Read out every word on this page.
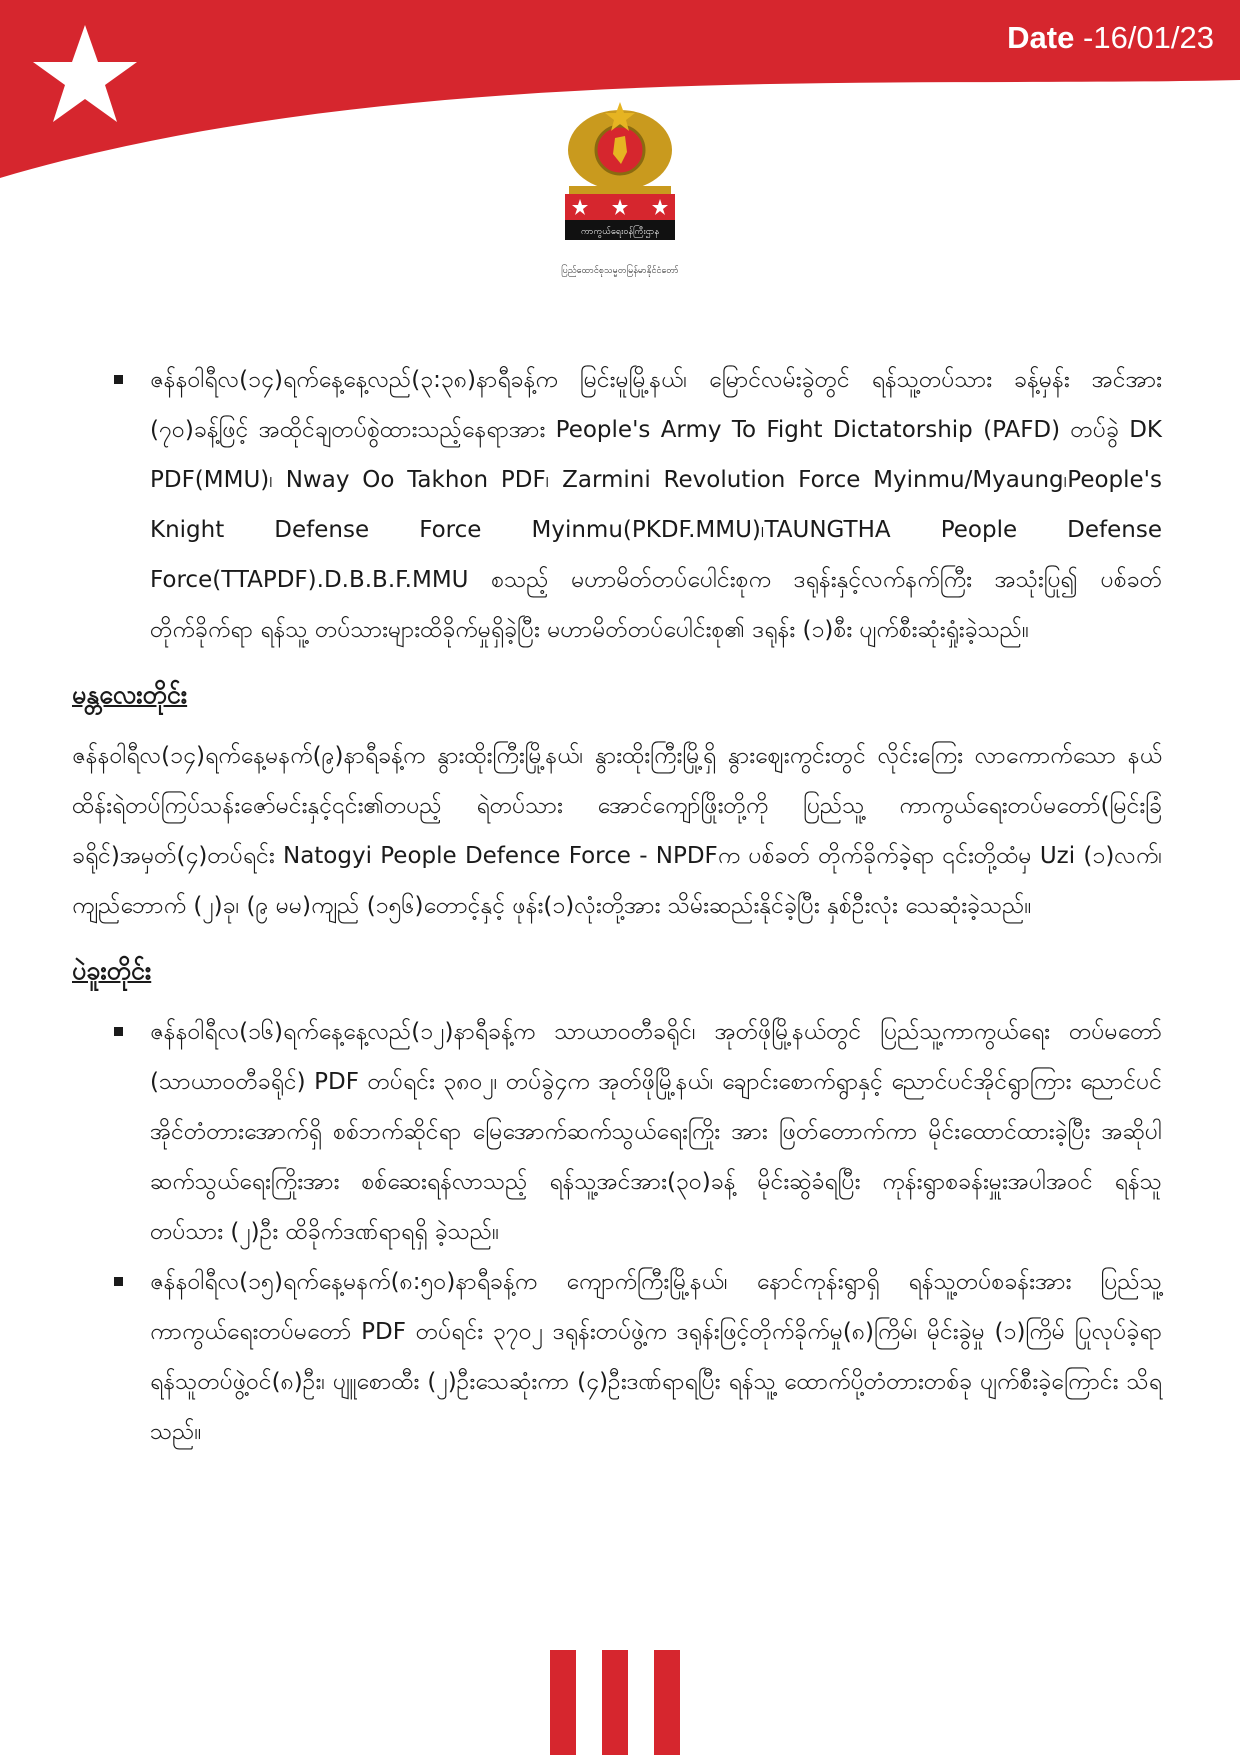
Date -16/01/23
ကာကွယ်ရေးဝန်ကြီးဌာန
ပြည်ထောင်စုသမ္မတမြန်မာနိုင်ငံတော်

ဇန်နဝါရီလ(၁၄)ရက်နေ့နေ့လည်(၃:၃၈)နာရီခန့်က မြင်းမူမြို့နယ်၊ မြောင်လမ်းခွဲတွင် ရန်သူ့တပ်သား ခန့်မှန်း အင်အား (၇၀)ခန့်ဖြင့် အထိုင်ချတပ်စွဲထားသည့်နေရာအား People's Army To Fight Dictatorship (PAFD) တပ်ခွဲ DK PDF(MMU)၊ Nway Oo Takhon PDF၊ Zarmini Revolution Force Myinmu/Myaung၊People's Knight Defense Force Myinmu(PKDF.MMU)၊TAUNGTHA People Defense Force(TTAPDF).D.B.B.F.MMU စသည့် မဟာမိတ်တပ်ပေါင်းစုက ဒရုန်းနှင့်လက်နက်ကြီး အသုံးပြု၍ ပစ်ခတ်တိုက်ခိုက်ရာ ရန်သူ့ တပ်သားများထိခိုက်မှုရှိခဲ့ပြီး မဟာမိတ်တပ်ပေါင်းစု၏ ဒရုန်း (၁)စီး ပျက်စီးဆုံးရှုံးခဲ့သည်။

မန္တလေးတိုင်း

ဇန်နဝါရီလ(၁၄)ရက်နေ့မနက်(၉)နာရီခန့်က နွားထိုးကြီးမြို့နယ်၊ နွားထိုးကြီးမြို့ရှိ နွားဈေးကွင်းတွင် လိုင်းကြေး လာကောက်သော နယ်ထိန်းရဲတပ်ကြပ်သန်းဇော်မင်းနှင့်၎င်း၏တပည့် ရဲတပ်သား အောင်ကျော်ဖြိုးတို့ကို ပြည်သူ့ ကာကွယ်ရေးတပ်မတော်(မြင်းခြံခရိုင်)အမှတ်(၄)တပ်ရင်း Natogyi People Defence Force - NPDFက ပစ်ခတ် တိုက်ခိုက်ခဲ့ရာ ၎င်းတို့ထံမှ Uzi (၁)လက်၊ ကျည်ဘောက် (၂)ခု၊ (၉ မမ)ကျည် (၁၅၆)တောင့်နှင့် ဖုန်း(၁)လုံးတို့အား သိမ်းဆည်းနိုင်ခဲ့ပြီး နှစ်ဦးလုံး သေဆုံးခဲ့သည်။

ပဲခူးတိုင်း

ဇန်နဝါရီလ(၁၆)ရက်နေ့နေ့လည်(၁၂)နာရီခန့်က သာယာဝတီခရိုင်၊ အုတ်ဖိုမြို့နယ်တွင် ပြည်သူ့ကာကွယ်ရေး တပ်မတော် (သာယာဝတီခရိုင်) PDF တပ်ရင်း ၃၈၀၂၊ တပ်ခွဲ၄က အုတ်ဖိုမြို့နယ်၊ ချောင်းစောက်ရွာနှင့် ညောင်ပင်အိုင်ရွာကြား ညောင်ပင်အိုင်တံတားအောက်ရှိ စစ်ဘက်ဆိုင်ရာ မြေအောက်ဆက်သွယ်ရေးကြိုး အား ဖြတ်တောက်ကာ မိုင်းထောင်ထားခဲ့ပြီး အဆိုပါ ဆက်သွယ်ရေးကြိုးအား စစ်ဆေးရန်လာသည့် ရန်သူ့အင်အား(၃၀)ခန့် မိုင်းဆွဲခံရပြီး ကုန်းရွာစခန်းမှူးအပါအဝင် ရန်သူတပ်သား (၂)ဦး ထိခိုက်ဒဏ်ရာရရှိ ခဲ့သည်။

ဇန်နဝါရီလ(၁၅)ရက်နေ့မနက်(၈:၅၀)နာရီခန့်က ကျောက်ကြီးမြို့နယ်၊ နောင်ကုန်းရွာရှိ ရန်သူ့တပ်စခန်းအား ပြည်သူ့ကာကွယ်ရေးတပ်မတော် PDF တပ်ရင်း ၃၇၀၂ ဒရုန်းတပ်ဖွဲ့က ဒရုန်းဖြင့်တိုက်ခိုက်မှု(၈)ကြိမ်၊ မိုင်းခွဲမှု (၁)ကြိမ် ပြုလုပ်ခဲ့ရာ ရန်သူတပ်ဖွဲ့ဝင်(၈)ဦး၊ ပျူစောထီး (၂)ဦးသေဆုံးကာ (၄)ဦးဒဏ်ရာရပြီး ရန်သူ့ ထောက်ပို့တံတားတစ်ခု ပျက်စီးခဲ့ကြောင်း သိရသည်။
